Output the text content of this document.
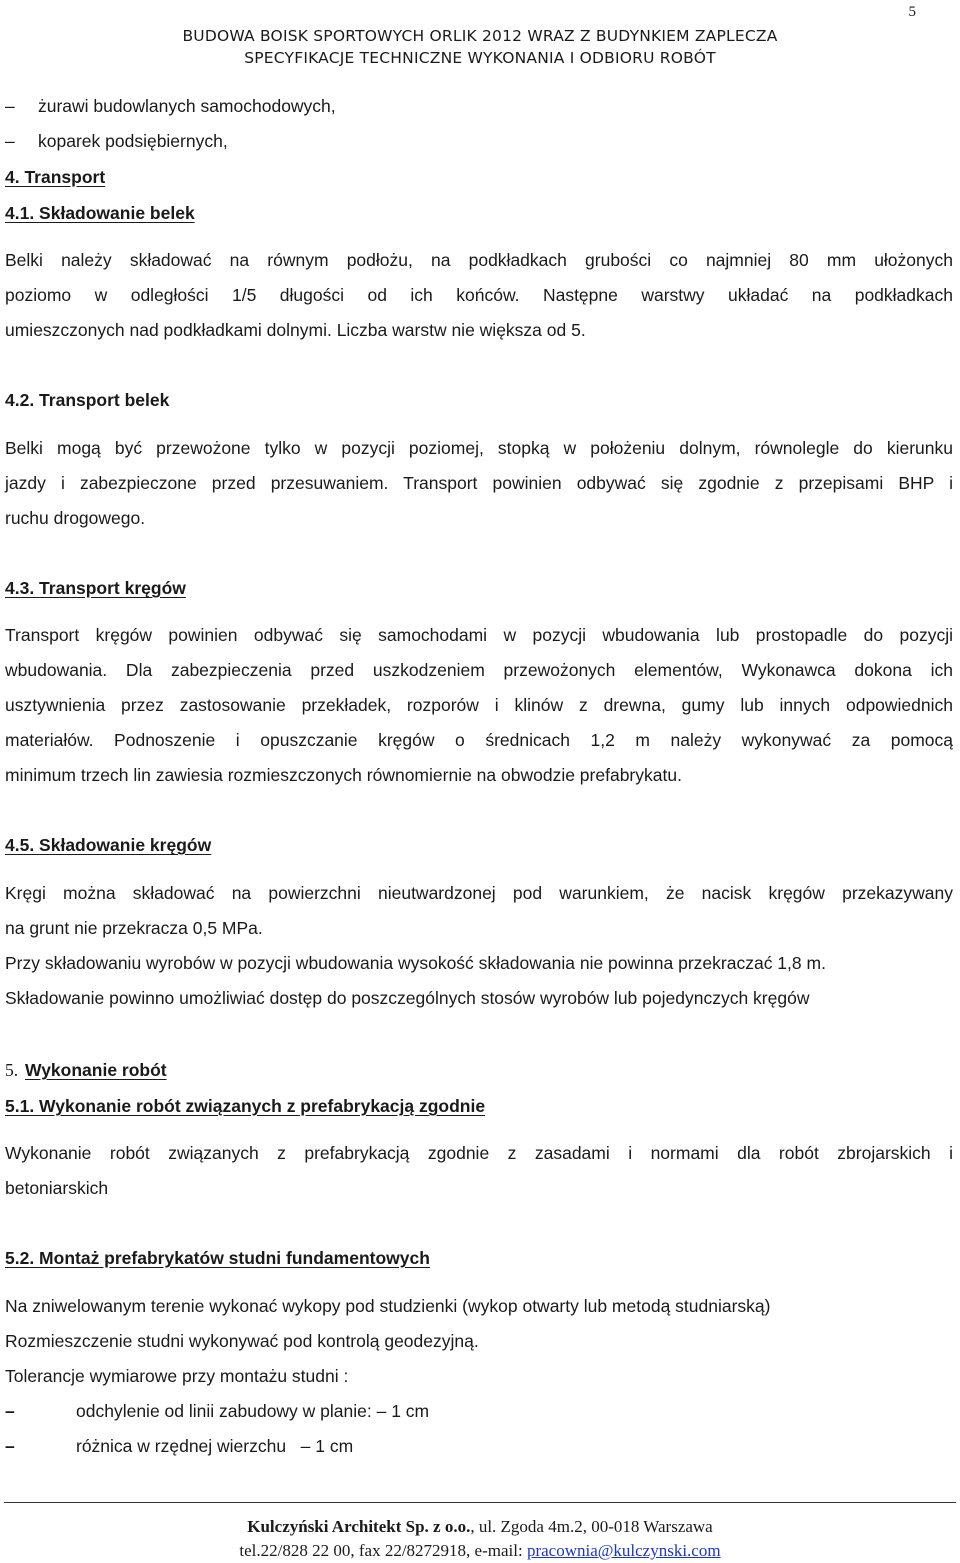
5
BUDOWA BOISK SPORTOWYCH ORLIK 2012 WRAZ Z BUDYNKIEM ZAPLECZA
SPECYFIKACJE TECHNICZNE WYKONANIA I ODBIORU ROBÓT
– żurawi budowlanych samochodowych,
– koparek podsiębiernych,
4. Transport
4.1. Składowanie belek
Belki należy składować na równym podłożu, na podkładkach grubości co najmniej 80 mm ułożonych
poziomo w odległości 1/5 długości od ich końców. Następne warstwy układać na podkładkach
umieszczonych nad podkładkami dolnymi. Liczba warstw nie większa od 5.
4.2. Transport belek
Belki mogą być przewożone tylko w pozycji poziomej, stopką w położeniu dolnym, równolegle do kierunku
jazdy i zabezpieczone przed przesuwaniem. Transport powinien odbywać się zgodnie z przepisami BHP i
ruchu drogowego.
4.3. Transport kręgów
Transport kręgów powinien odbywać się samochodami w pozycji wbudowania lub prostopadle do pozycji
wbudowania. Dla zabezpieczenia przed uszkodzeniem przewożonych elementów, Wykonawca dokona ich
usztywnienia przez zastosowanie przekładek, rozporów i klinów z drewna, gumy lub innych odpowiednich
materiałów. Podnoszenie i opuszczanie kręgów o średnicach 1,2 m należy wykonywać za pomocą
minimum trzech lin zawiesia rozmieszczonych równomiernie na obwodzie prefabrykatu.
4.5. Składowanie kręgów
Kręgi można składować na powierzchni nieutwardzonej pod warunkiem, że nacisk kręgów przekazywany
na grunt nie przekracza 0,5 MPa.
Przy składowaniu wyrobów w pozycji wbudowania wysokość składowania nie powinna przekraczać 1,8 m.
Składowanie powinno umożliwiać dostęp do poszczególnych stosów wyrobów lub pojedynczych kręgów
5. Wykonanie robót
5.1. Wykonanie robót związanych z prefabrykacją zgodnie
Wykonanie robót związanych z prefabrykacją zgodnie z zasadami i normami dla robót zbrojarskich i
betoniarskich
5.2. Montaż prefabrykatów studni fundamentowych
Na zniwelowanym terenie wykonać wykopy pod studzienki (wykop otwarty lub metodą studniarską)
Rozmieszczenie studni wykonywać pod kontrolą geodezyjną.
Tolerancje wymiarowe przy montażu studni :
–	odchylenie od linii zabudowy w planie: – 1 cm
–	różnica w rzędnej wierzchu   – 1 cm
Kulczyński Architekt Sp. z o.o., ul. Zgoda 4m.2, 00-018 Warszawa
tel.22/828 22 00, fax 22/8272918, e-mail: pracownia@kulczynski.com
